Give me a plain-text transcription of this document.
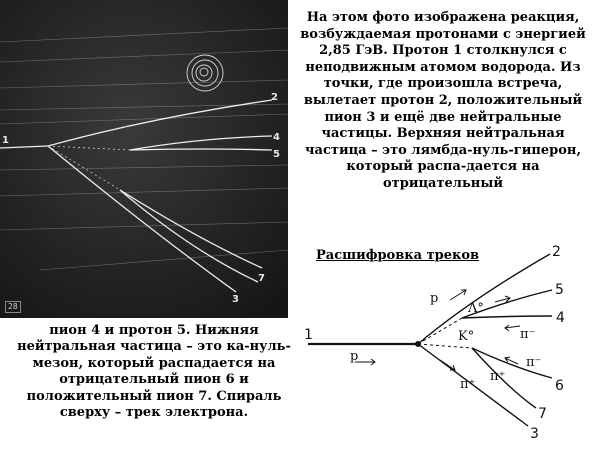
2
1	4
5
7
3
28
На этом фото изображена реакция, возбуждаемая протонами с энергией 2,85 ГэВ. Протон 1 столкнулся с неподвижным атомом водорода. Из точки, где произошла встреча, вылетает протон 2, положительный пион 3 и ещё две нейтральные частицы. Верхняя нейтральная частица – это лямбда-нуль-гиперон, который распа-дается на отрицательный
пион 4 и протон 5. Нижняя нейтральная частица – это ка-нуль-мезон, который распадается на отрицательный пион 6 и положительный пион 7. Спираль сверху – трек электрона.
1
2
5
4
6
7
3
p
p
Λ°
K°	π⁻
π⁻
π⁺
π⁺
Расшифровка треков
